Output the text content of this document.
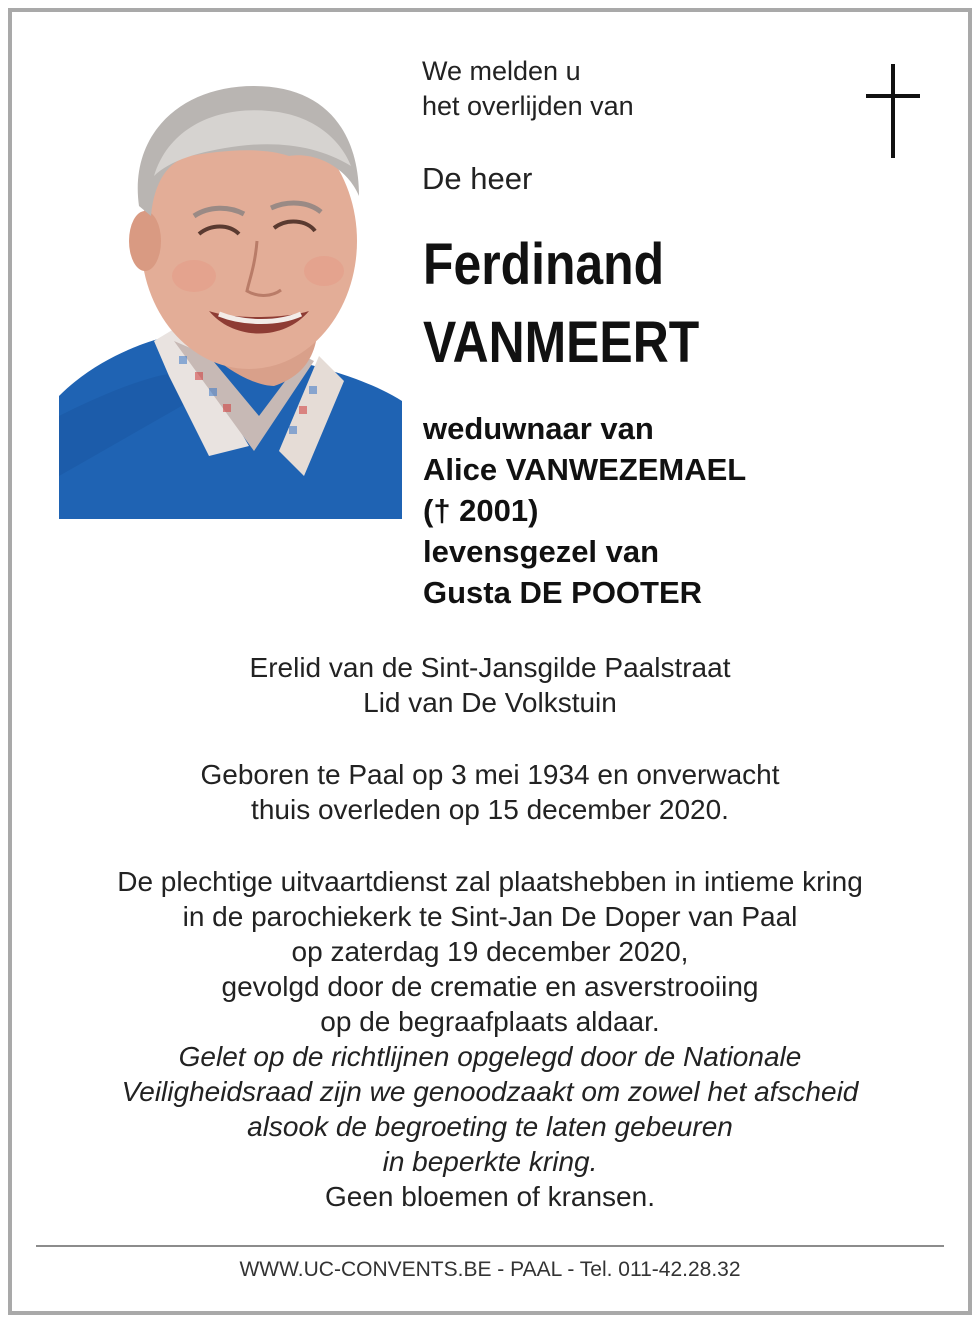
We melden u
het overlijden van
De heer
Ferdinand
VANMEERT
weduwnaar van
Alice VANWEZEMAEL
(† 2001)
levensgezel van
Gusta DE POOTER
Erelid van de Sint-Jansgilde Paalstraat
Lid van De Volkstuin
Geboren te Paal op 3 mei 1934 en onverwacht
thuis overleden op 15 december 2020.
De plechtige uitvaartdienst zal plaatshebben in intieme kring
in de parochiekerk te Sint-Jan De Doper van Paal
op zaterdag 19 december 2020,
gevolgd door de crematie en asverstrooiing
op de begraafplaats aldaar.
Gelet op de richtlijnen opgelegd door de Nationale
Veiligheidsraad zijn we genoodzaakt om zowel het afscheid
alsook de begroeting te laten gebeuren
in beperkte kring.
Geen bloemen of kransen.
WWW.UC-CONVENTS.BE - PAAL - Tel. 011-42.28.32
